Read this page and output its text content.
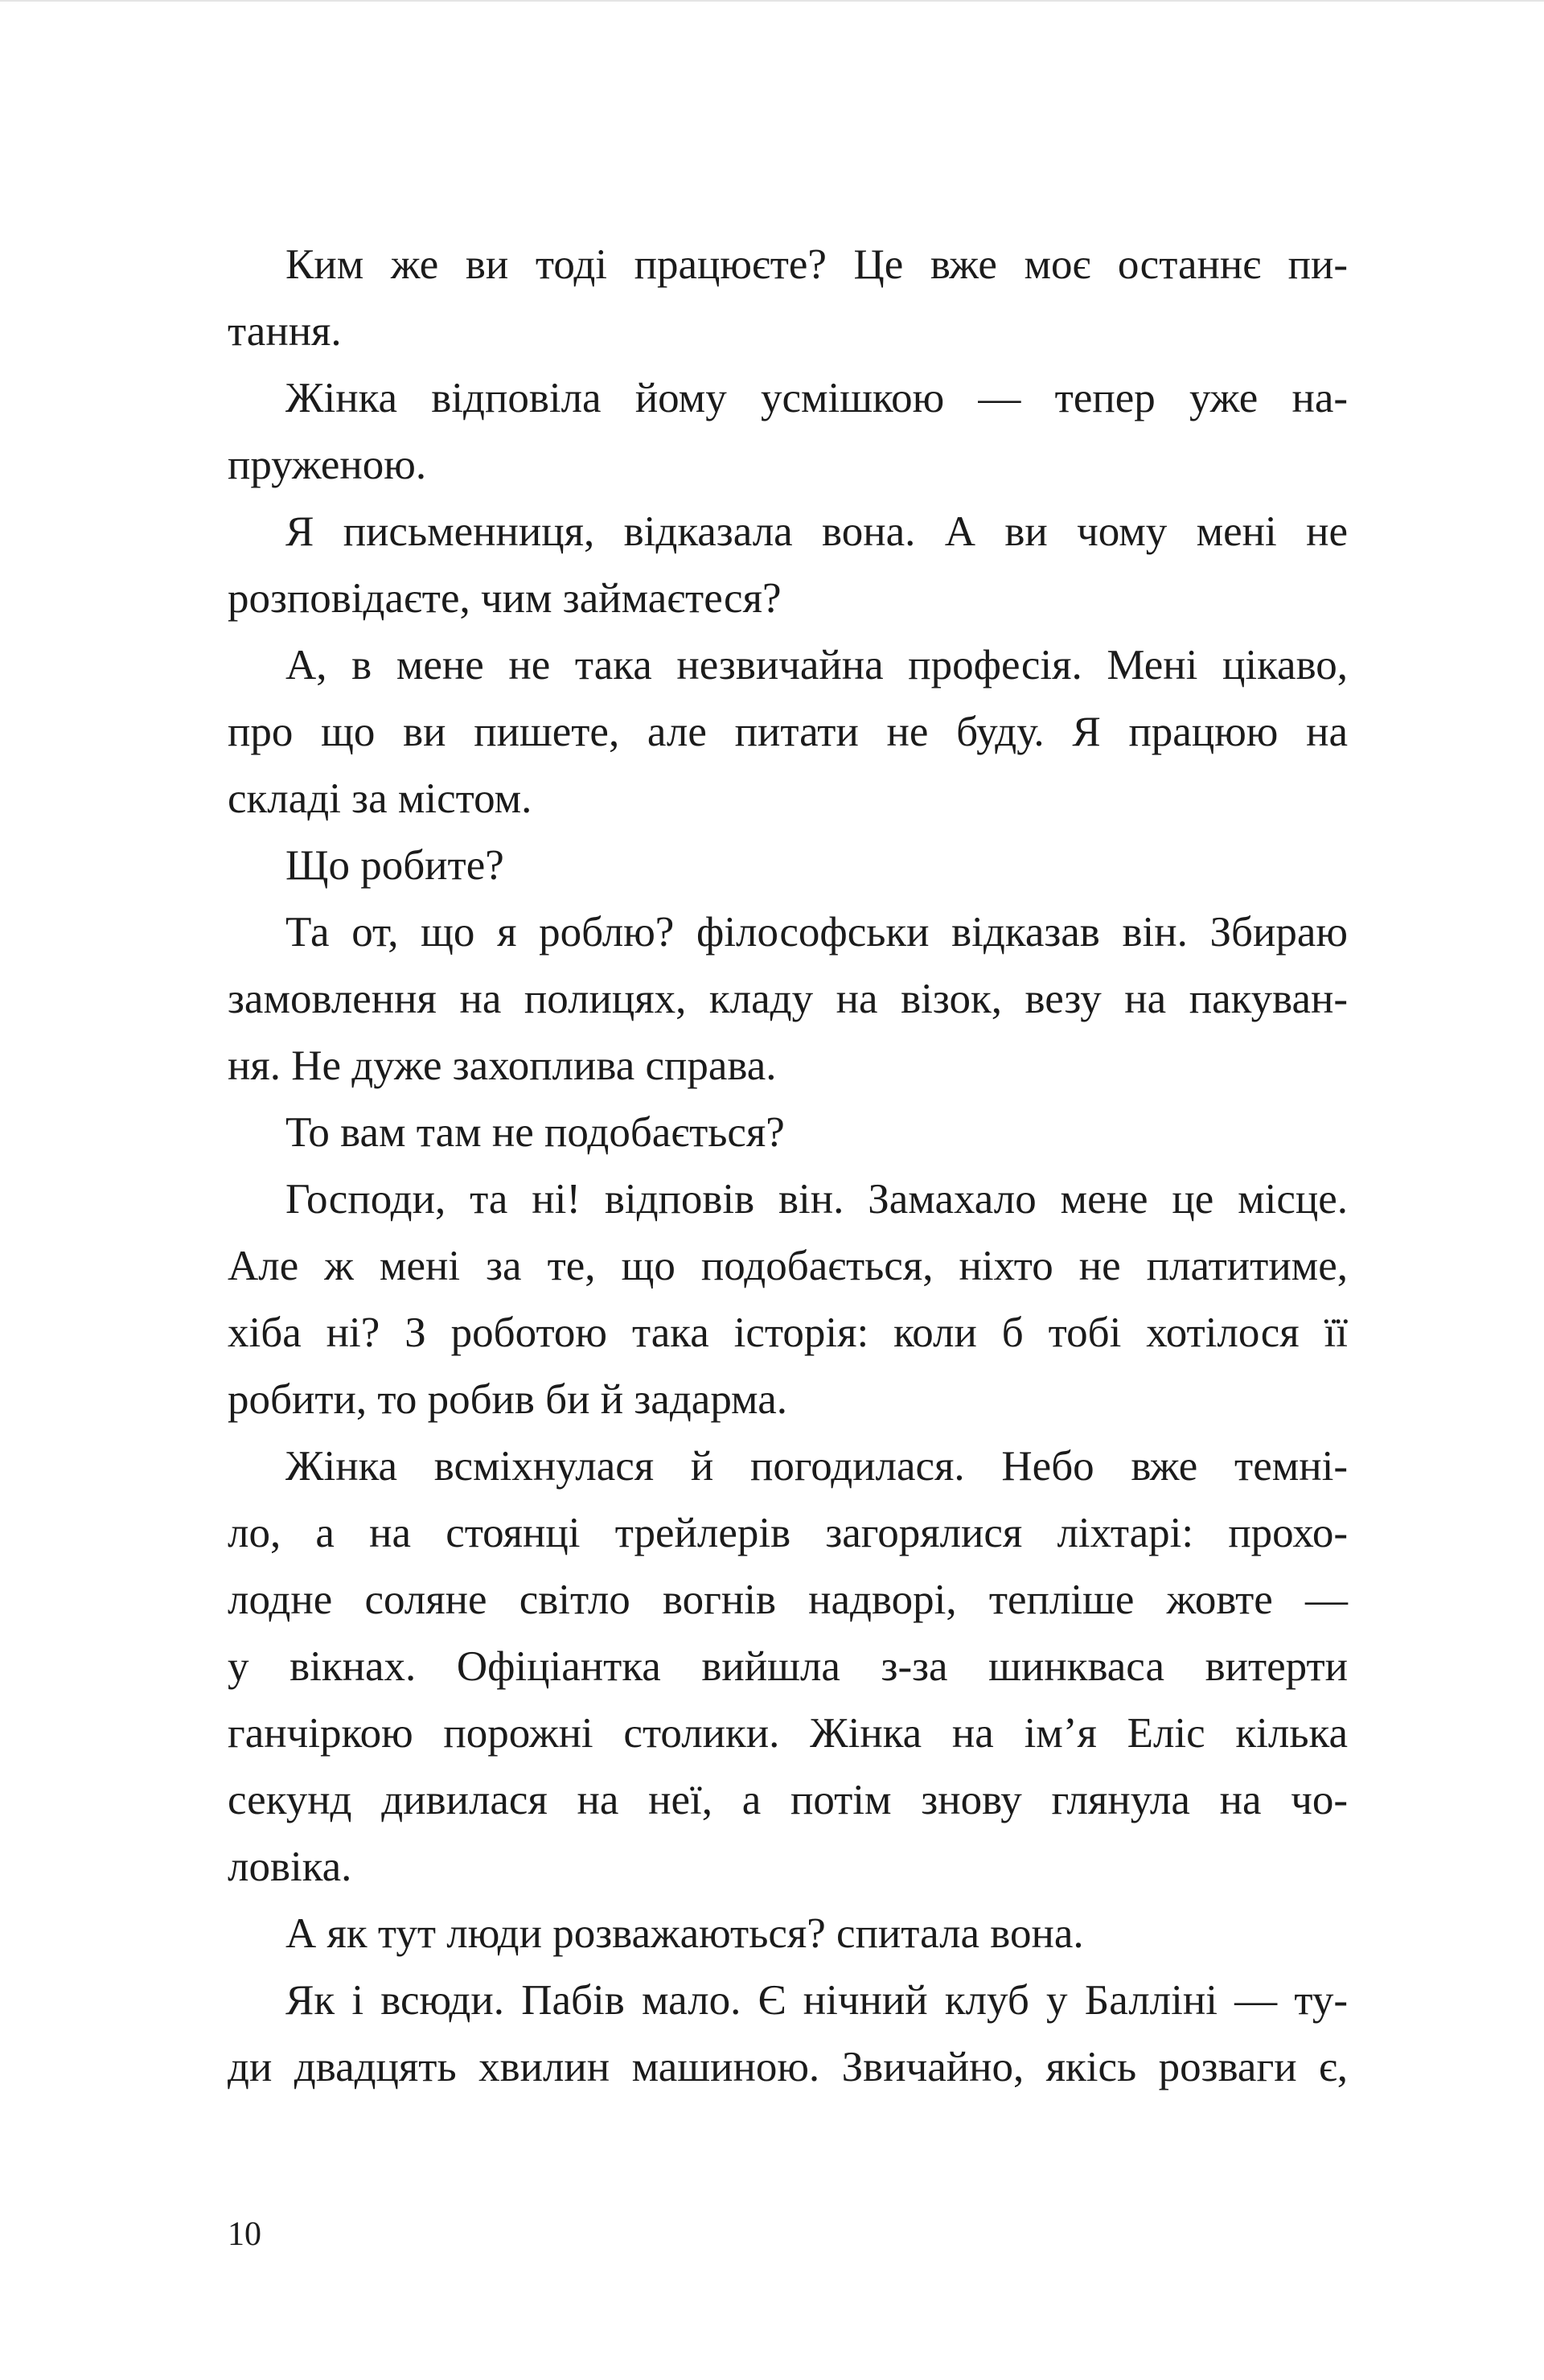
Ким же ви тоді працюєте? Це вже моє останнє пи-
тання.
Жінка відповіла йому усмішкою — тепер уже на-
пруженою.
Я письменниця, відказала вона. А ви чому мені не
розповідаєте, чим займаєтеся?
А, в мене не така незвичайна професія. Мені цікаво,
про що ви пишете, але питати не буду. Я працюю на
складі за містом.
Що робите?
Та от, що я роблю? філософськи відказав він. Збираю
замовлення на полицях, кладу на візок, везу на пакуван-
ня. Не дуже захоплива справа.
То вам там не подобається?
Господи, та ні! відповів він. Замахало мене це місце.
Але ж мені за те, що подобається, ніхто не платитиме,
хіба ні? З роботою така історія: коли б тобі хотілося її
робити, то робив би й задарма.
Жінка всміхнулася й погодилася. Небо вже темні-
ло, а на стоянці трейлерів загорялися ліхтарі: прохо-
лодне соляне світло вогнів надворі, тепліше жовте —
у вікнах. Офіціантка вийшла з-за шинкваса витерти
ганчіркою порожні столики. Жінка на ім’я Еліс кілька
секунд дивилася на неї, а потім знову глянула на чо-
ловіка.
А як тут люди розважаються? спитала вона.
Як і всюди. Пабів мало. Є нічний клуб у Балліні — ту-
ди двадцять хвилин машиною. Звичайно, якісь розваги є,
10
